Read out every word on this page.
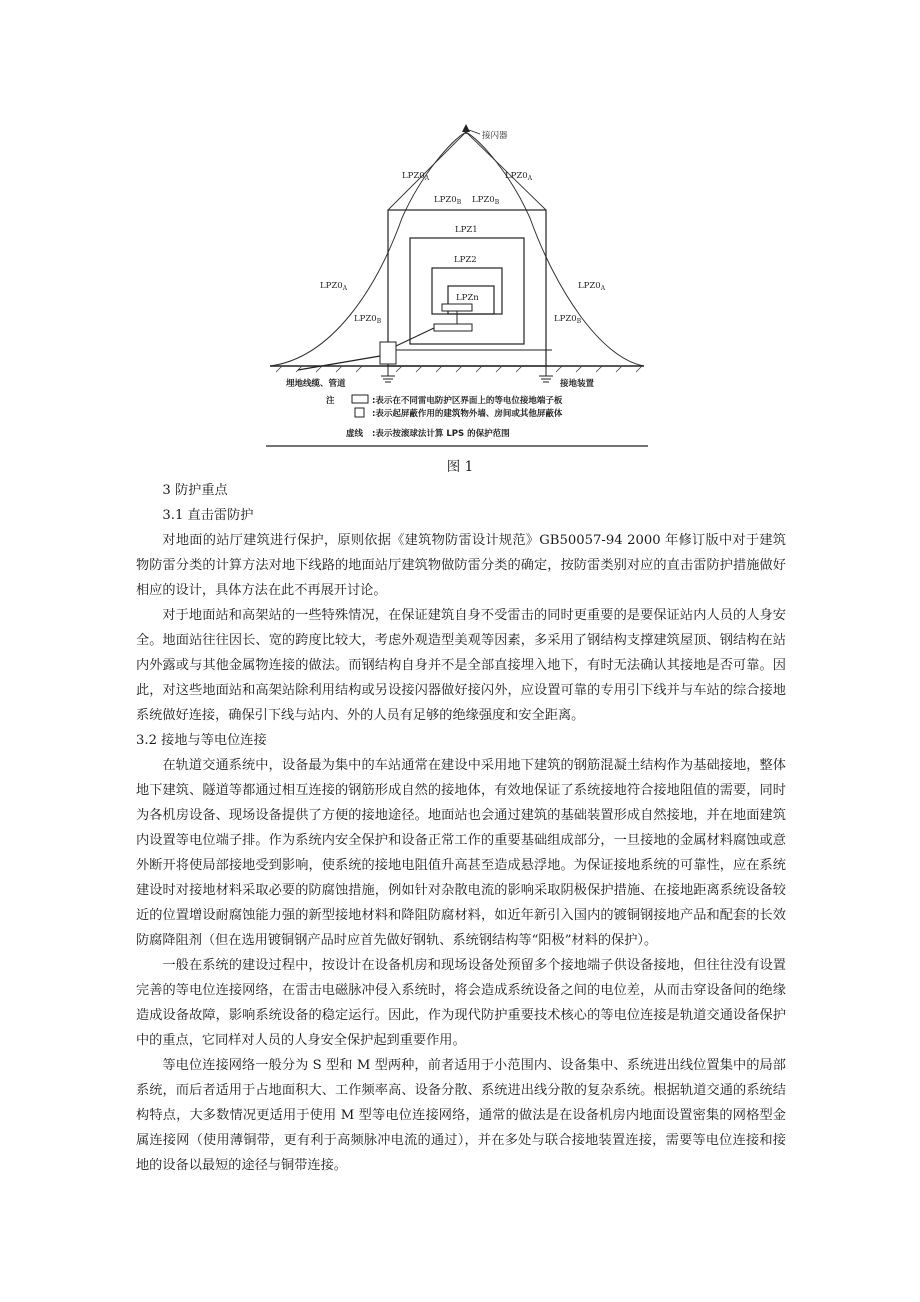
接闪器
$LPZ0_A$	$LPZ0_A$
$LPZ0_B$ $LPZ0_B$
$LPZ0_A$	$LPZ0_A$
$LPZ0_B$	$LPZ0_B$
LPZ1
LPZ2
LPZn
埋地线缆、管道	接地装置
注	:表示在不同雷电防护区界面上的等电位接地端子板
:表示起屏蔽作用的建筑物外墙、房间或其他屏蔽体
虚线 :表示按滚球法计算 LPS 的保护范围
图 1
3 防护重点
3.1 直击雷防护

对地面的站厅建筑进行保护，原则依据《建筑物防雷设计规范》GB50057-94 2000 年修订版中对于建筑物防雷分类的计算方法对地下线路的地面站厅建筑物做防雷分类的确定，按防雷类别对应的直击雷防护措施做好相应的设计，具体方法在此不再展开讨论。

对于地面站和高架站的一些特殊情况，在保证建筑自身不受雷击的同时更重要的是要保证站内人员的人身安全。地面站往往因长、宽的跨度比较大，考虑外观造型美观等因素，多采用了钢结构支撑建筑屋顶、钢结构在站内外露或与其他金属物连接的做法。而钢结构自身并不是全部直接埋入地下，有时无法确认其接地是否可靠。因此，对这些地面站和高架站除利用结构或另设接闪器做好接闪外，应设置可靠的专用引下线并与车站的综合接地系统做好连接，确保引下线与站内、外的人员有足够的绝缘强度和安全距离。

3.2 接地与等电位连接

在轨道交通系统中，设备最为集中的车站通常在建设中采用地下建筑的钢筋混凝土结构作为基础接地，整体地下建筑、隧道等都通过相互连接的钢筋形成自然的接地体，有效地保证了系统接地符合接地阻值的需要，同时为各机房设备、现场设备提供了方便的接地途径。地面站也会通过建筑的基础装置形成自然接地，并在地面建筑内设置等电位端子排。作为系统内安全保护和设备正常工作的重要基础组成部分，一旦接地的金属材料腐蚀或意外断开将使局部接地受到影响，使系统的接地电阻值升高甚至造成悬浮地。为保证接地系统的可靠性，应在系统建设时对接地材料采取必要的防腐蚀措施，例如针对杂散电流的影响采取阴极保护措施、在接地距离系统设备较近的位置增设耐腐蚀能力强的新型接地材料和降阻防腐材料，如近年新引入国内的镀铜钢接地产品和配套的长效防腐降阻剂（但在选用镀铜钢产品时应首先做好钢轨、系统钢结构等“阳极”材料的保护）。

一般在系统的建设过程中，按设计在设备机房和现场设备处预留多个接地端子供设备接地，但往往没有设置完善的等电位连接网络，在雷击电磁脉冲侵入系统时，将会造成系统设备之间的电位差，从而击穿设备间的绝缘造成设备故障，影响系统设备的稳定运行。因此，作为现代防护重要技术核心的等电位连接是轨道交通设备保护中的重点，它同样对人员的人身安全保护起到重要作用。

等电位连接网络一般分为 S 型和 M 型两种，前者适用于小范围内、设备集中、系统进出线位置集中的局部系统，而后者适用于占地面积大、工作频率高、设备分散、系统进出线分散的复杂系统。根据轨道交通的系统结构特点，大多数情况更适用于使用 M 型等电位连接网络，通常的做法是在设备机房内地面设置密集的网格型金属连接网（使用薄铜带，更有利于高频脉冲电流的通过），并在多处与联合接地装置连接，需要等电位连接和接地的设备以最短的途径与铜带连接。
